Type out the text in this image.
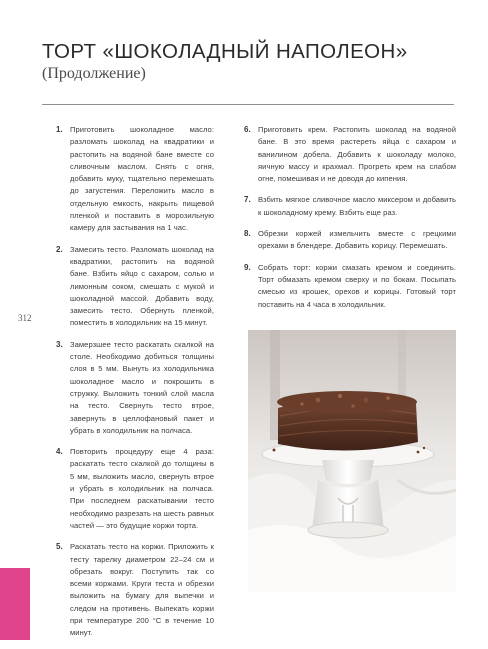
ТОРТ «ШОКОЛАДНЫЙ НАПОЛЕОН»
(Продолжение)
312
1. Приготовить шоколадное масло: разломать шоколад на квадратики и растопить на водяной бане вместе со сливочным маслом. Снять с огня, добавить муку, тщательно перемешать до загустения. Переложить масло в отдельную емкость, накрыть пищевой пленкой и поставить в морозильную камеру для застывания на 1 час.
2. Замесить тесто. Разломать шоколад на квадратики, растопить на водяной бане. Взбить яйцо с сахаром, солью и лимонным соком, смешать с мукой и шоколадной массой. Добавить воду, замесить тесто. Обернуть пленкой, поместить в холодильник на 15 минут.
3. Замерзшее тесто раскатать скалкой на столе. Необходимо добиться толщины слоя в 5 мм. Вынуть из холодильника шоколадное масло и покрошить в стружку. Выложить тонкий слой масла на тесто. Свернуть тесто втрое, завернуть в целлофановый пакет и убрать в холодильник на полчаса.
4. Повторить процедуру еще 4 раза: раскатать тесто скалкой до толщины в 5 мм, выложить масло, свернуть втрое и убрать в холодильник на полчаса. При последнем раскатывании тесто необходимо разрезать на шесть равных частей — это будущие коржи торта.
5. Раскатать тесто на коржи. Приложить к тесту тарелку диаметром 22–24 см и обрезать вокруг. Поступить так со всеми коржами. Круги теста и обрезки выложить на бумагу для выпечки и следом на противень. Выпекать коржи при температуре 200 °С в течение 10 минут.
6. Приготовить крем. Растопить шоколад на водяной бане. В это время растереть яйца с сахаром и ванилином добела. Добавить к шоколаду молоко, яичную массу и крахмал. Прогреть крем на слабом огне, помешивая и не доводя до кипения.
7. Взбить мягкое сливочное масло миксером и добавить к шоколадному крему. Взбить еще раз.
8. Обрезки коржей измельчить вместе с грецкими орехами в блендере. Добавить корицу. Перемешать.
9. Собрать торт: коржи смазать кремом и соединить. Торт обмазать кремом сверху и по бокам. Посыпать смесью из крошек, орехов и корицы. Готовый торт поставить на 4 часа в холодильник.
